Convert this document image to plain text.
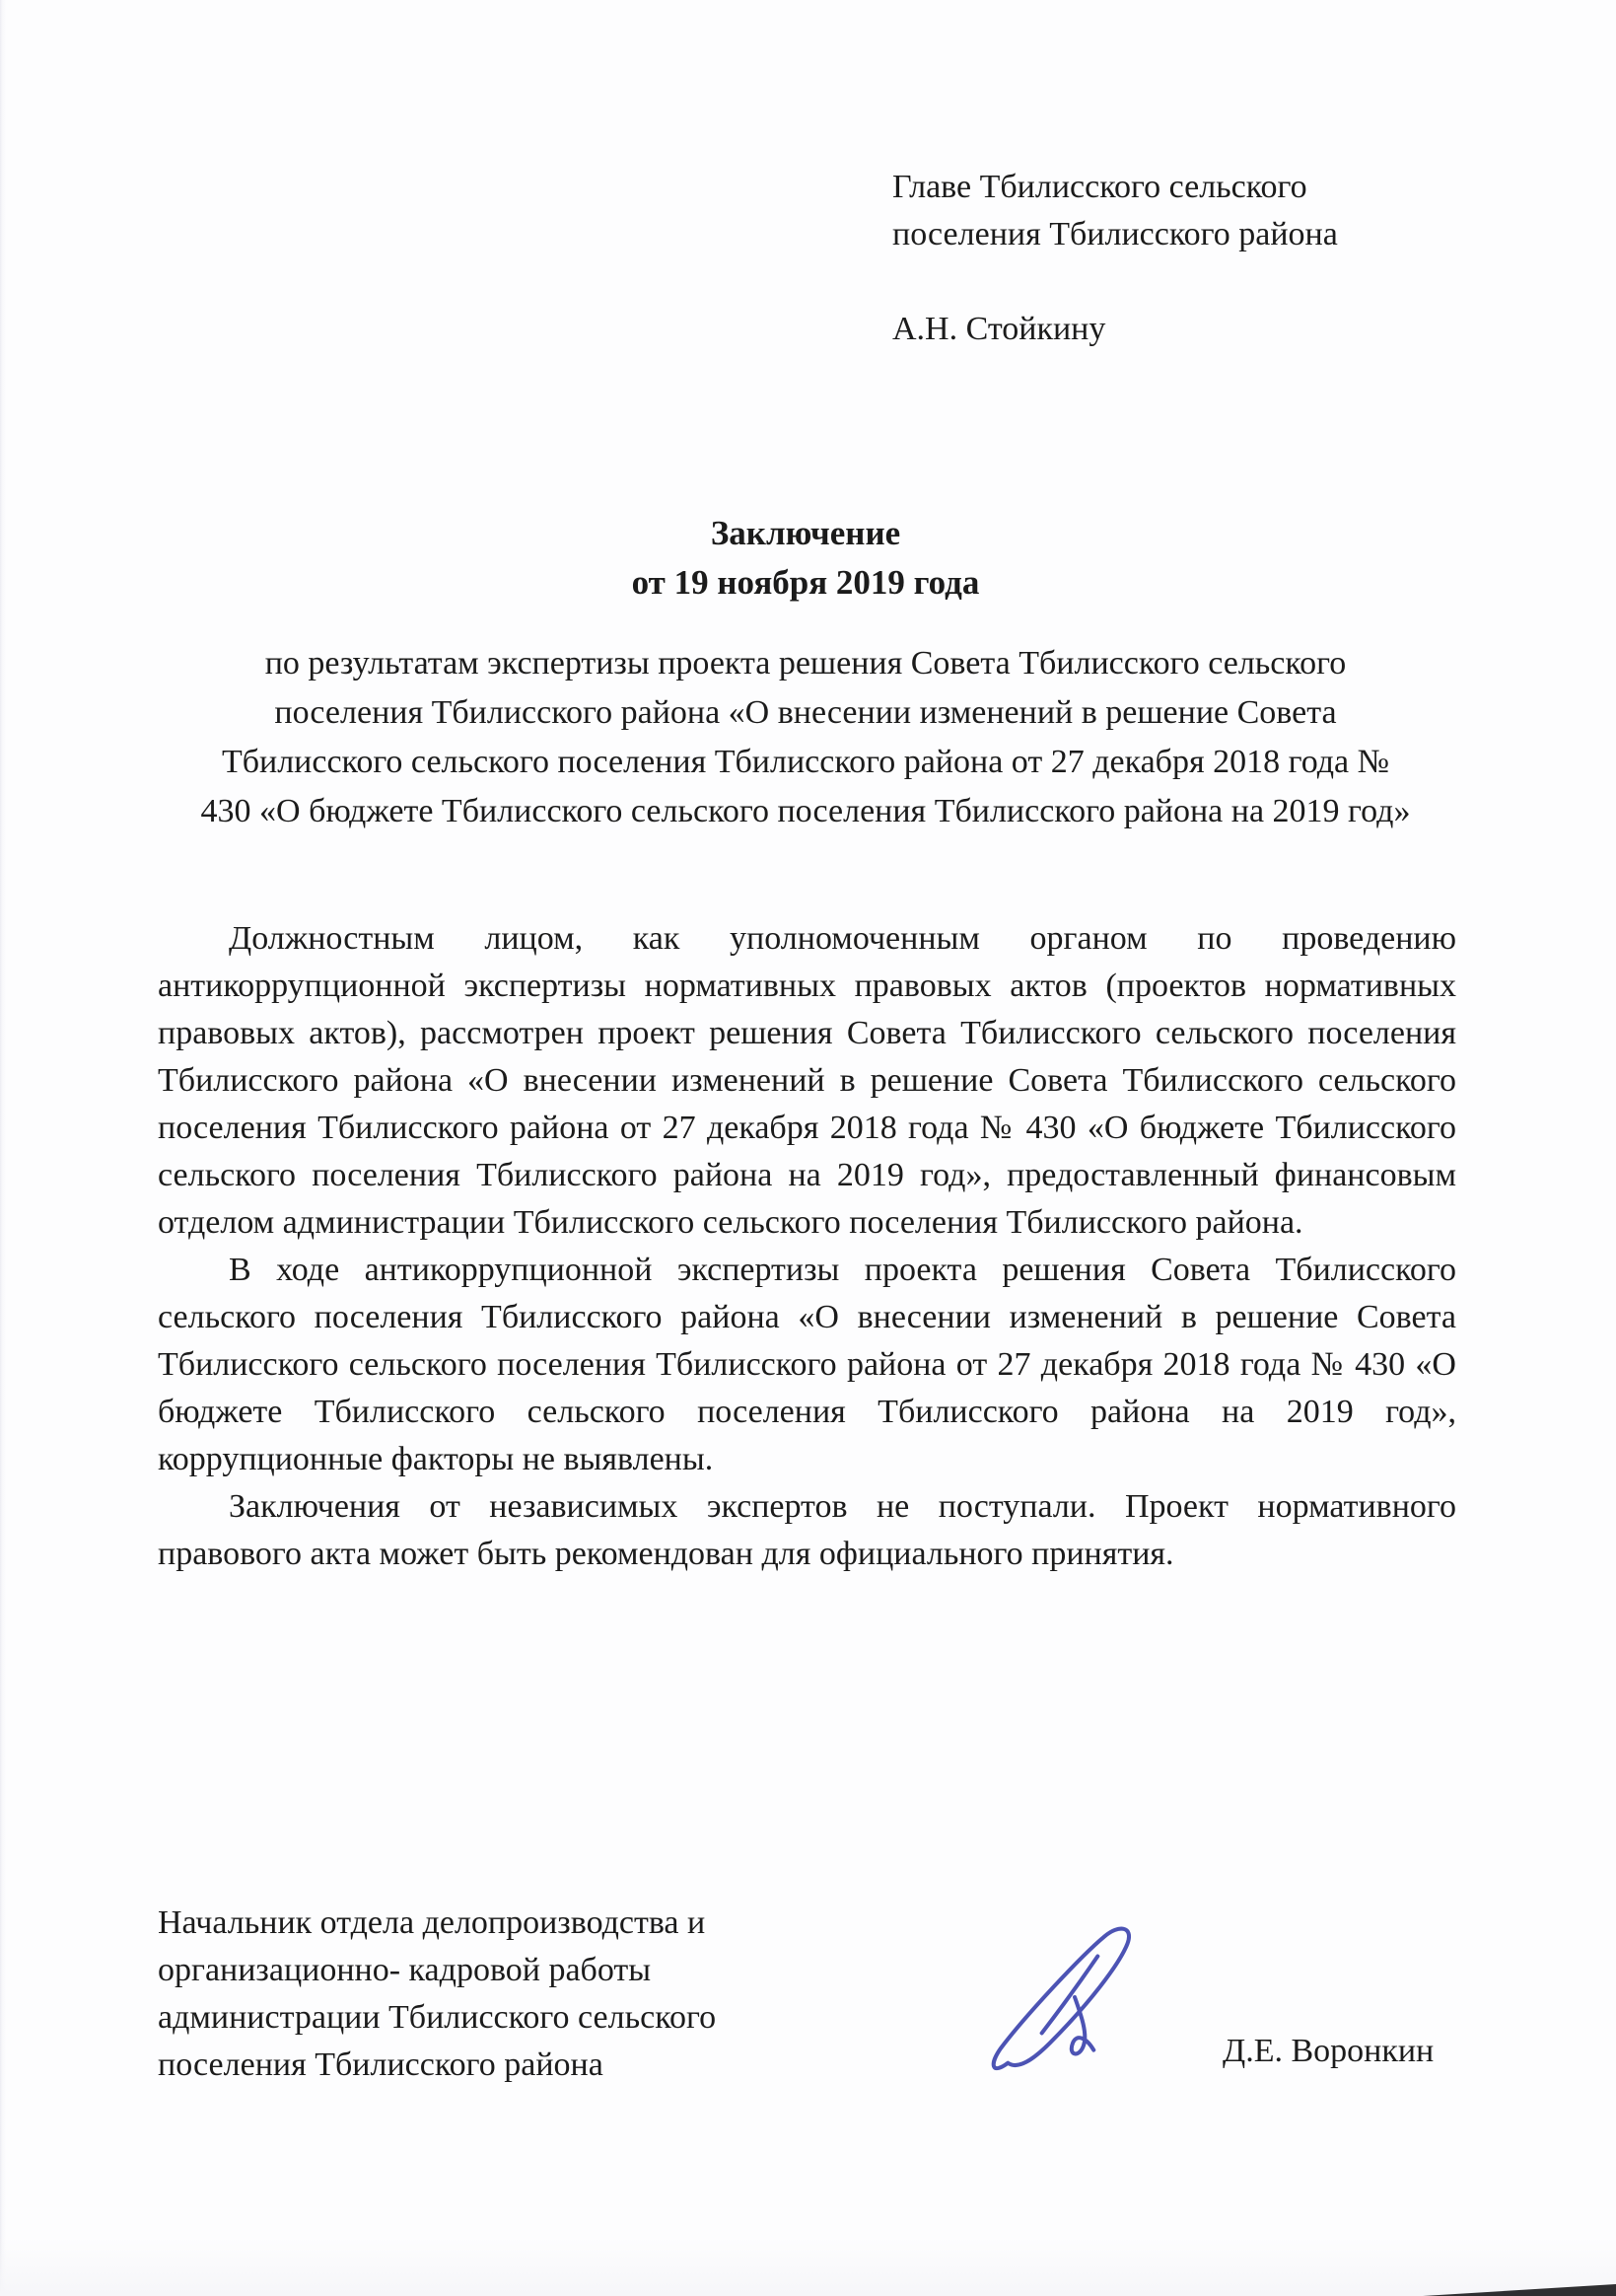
Главе Тбилисского сельского
поселения Тбилисского района
А.Н. Стойкину
Заключение
от 19 ноября 2019 года
по результатам экспертизы проекта решения Совета Тбилисского сельского поселения Тбилисского района «О внесении изменений в решение Совета Тбилисского сельского поселения Тбилисского района от 27 декабря 2018 года № 430 «О бюджете Тбилисского сельского поселения Тбилисского района на 2019 год»

Должностным лицом, как уполномоченным органом по проведению антикоррупционной экспертизы нормативных правовых актов (проектов нормативных правовых актов), рассмотрен проект решения Совета Тбилисского сельского поселения Тбилисского района «О внесении изменений в решение Совета Тбилисского сельского поселения Тбилисского района от 27 декабря 2018 года № 430 «О бюджете Тбилисского сельского поселения Тбилисского района на 2019 год», предоставленный финансовым отделом администрации Тбилисского сельского поселения Тбилисского района.

В ходе антикоррупционной экспертизы проекта решения Совета Тбилисского сельского поселения Тбилисского района «О внесении изменений в решение Совета Тбилисского сельского поселения Тбилисского района от 27 декабря 2018 года № 430 «О бюджете Тбилисского сельского поселения Тбилисского района на 2019 год», коррупционные факторы не выявлены.

Заключения от независимых экспертов не поступали. Проект нормативного правового акта может быть рекомендован для официального принятия.

Начальник отдела делопроизводства и
организационно- кадровой работы
администрации Тбилисского сельского
поселения Тбилисского района	Д.Е. Воронкин
